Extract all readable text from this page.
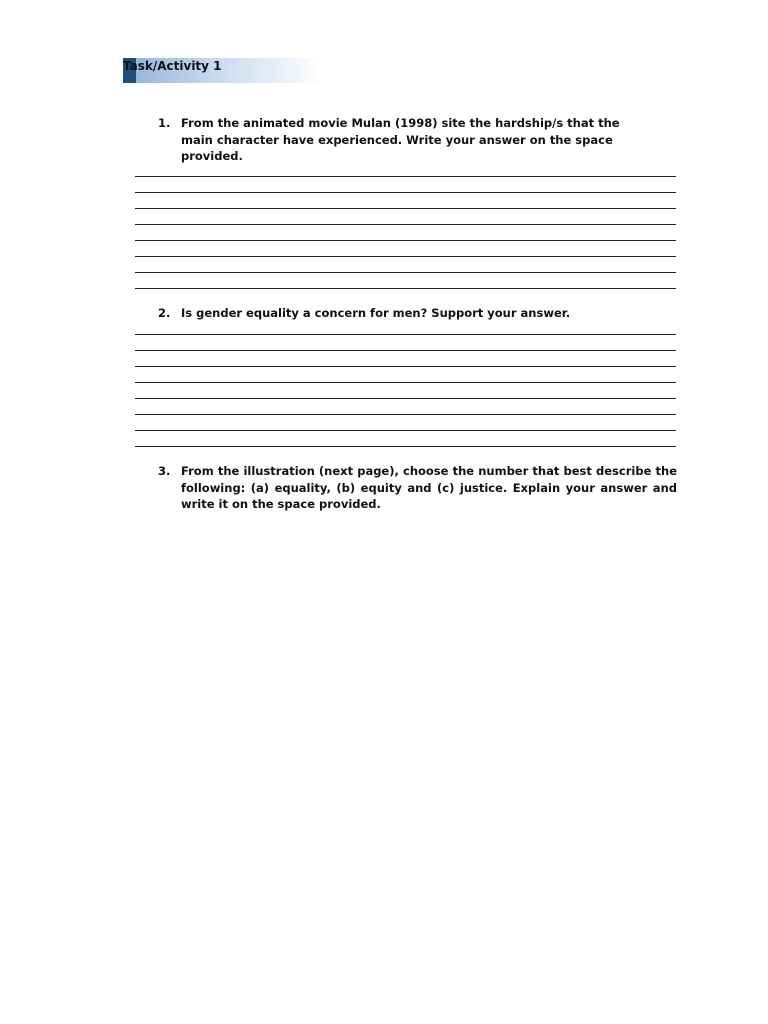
Task/Activity 1
1. From the animated movie Mulan (1998) site the hardship/s that the main character have experienced. Write your answer on the space provided.
2. Is gender equality a concern for men? Support your answer.
3. From the illustration (next page), choose the number that best describe the following: (a) equality, (b) equity and (c) justice. Explain your answer and write it on the space provided.
